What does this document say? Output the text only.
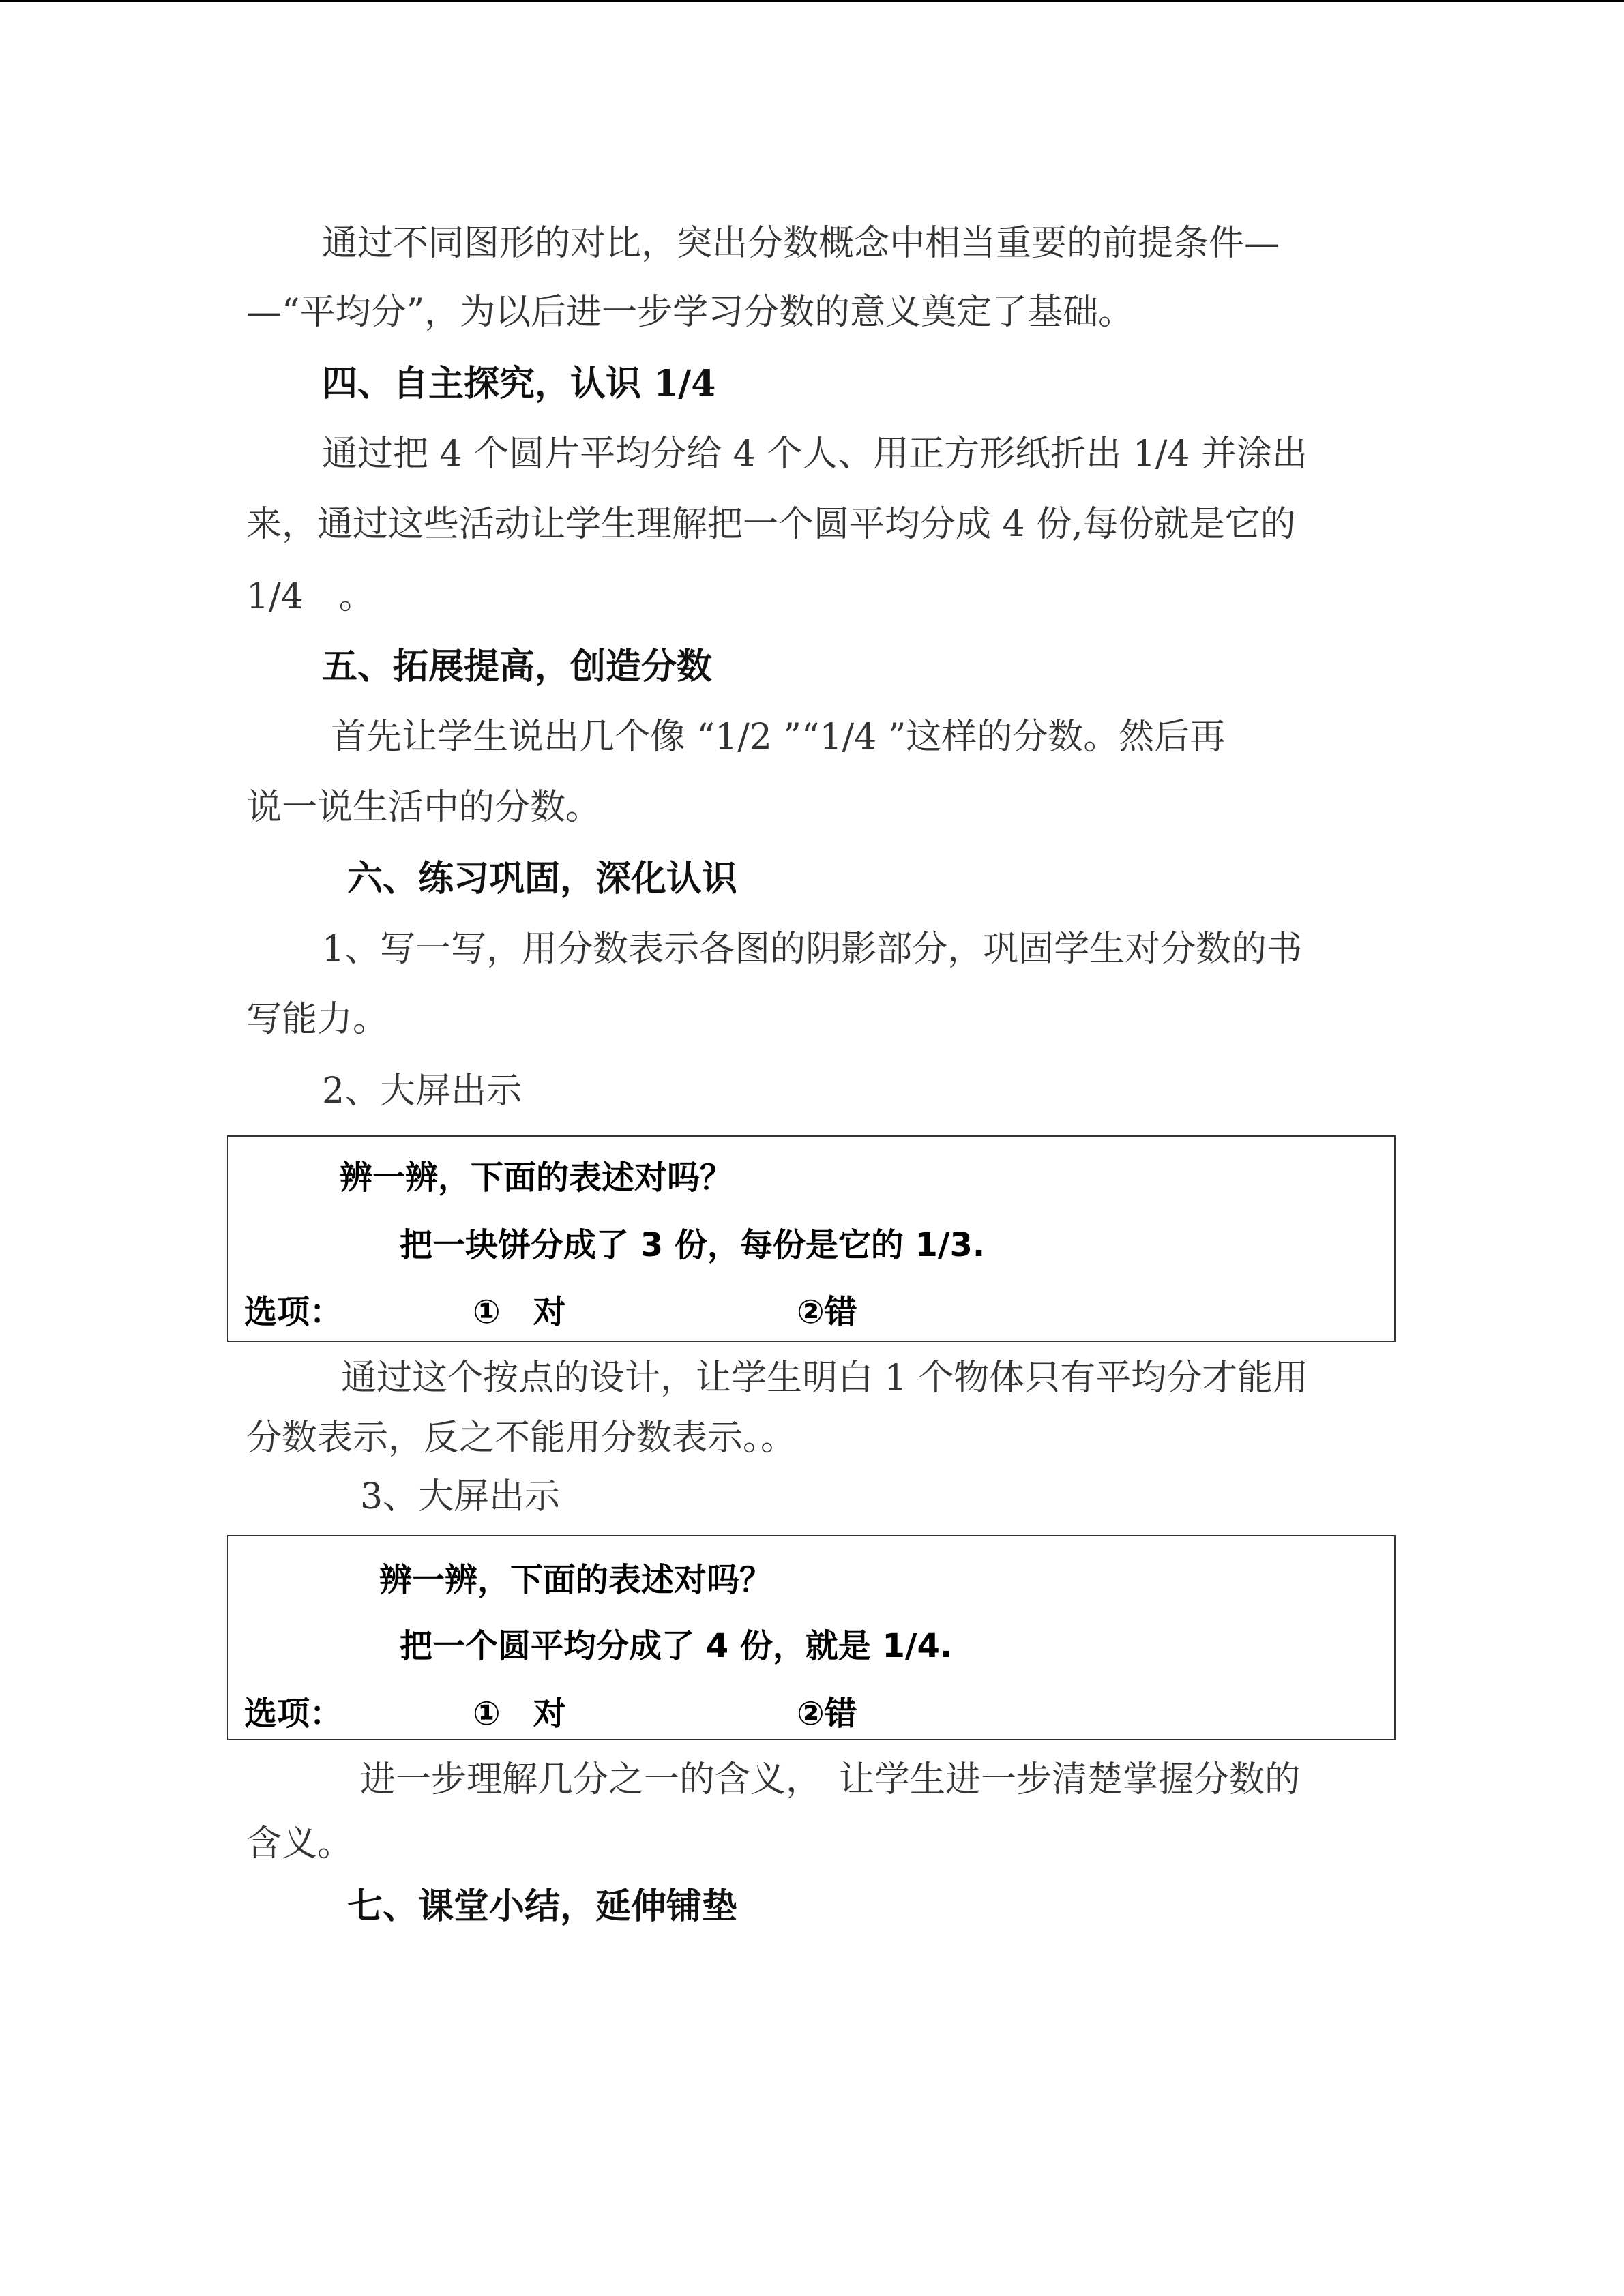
通过不同图形的对比，突出分数概念中相当重要的前提条件—
—“平均分”，为以后进一步学习分数的意义奠定了基础。
四、自主探究，认识 1/4
通过把 4 个圆片平均分给 4 个人、用正方形纸折出 1/4 并涂出
来，通过这些活动让学生理解把一个圆平均分成 4 份,每份就是它的
1/4　。
五、拓展提高，创造分数
首先让学生说出几个像 “1/2 ”“1/4 ”这样的分数。然后再
说一说生活中的分数。
六、练习巩固，深化认识
1、写一写，用分数表示各图的阴影部分，巩固学生对分数的书
写能力。
2、大屏出示
辨一辨，下面的表述对吗？
把一块饼分成了 3 份，每份是它的 1/3.
选项：	①　对	②错
通过这个按点的设计，让学生明白 1 个物体只有平均分才能用
分数表示，反之不能用分数表示。。
3、大屏出示
辨一辨，下面的表述对吗？
把一个圆平均分成了 4 份，就是 1/4.
选项：	①　对	②错
进一步理解几分之一的含义，　让学生进一步清楚掌握分数的
含义。
七、课堂小结，延伸铺垫
